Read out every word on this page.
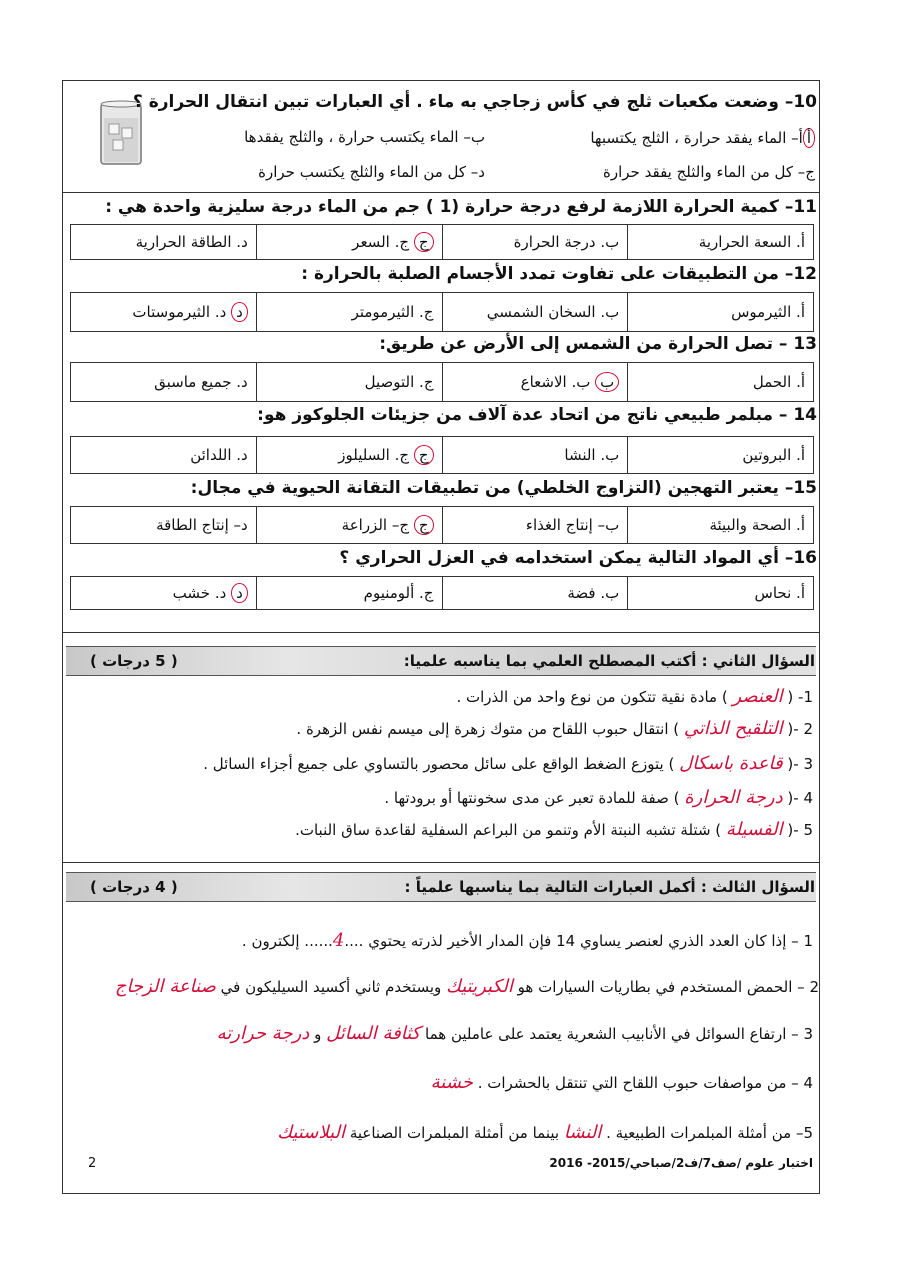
10– وضعت مكعبات ثلج في كأس زجاجي به ماء . أي العبارات تبين انتقال الحرارة ؟
أأ– الماء يفقد حرارة ، الثلج يكتسبها
ب– الماء يكتسب حرارة ، والثلج يفقدها
ج– كل من الماء والثلج يفقد حرارة
د– كل من الماء والثلج يكتسب حرارة
11– كمية الحرارة اللازمة لرفع درجة حرارة (1 ) جم من الماء درجة سليزية واحدة هي :
أ. السعة الحرارية
ب. درجة الحرارة
ج

ج. السعر
د. الطاقة الحرارية
12– من التطبيقات على تفاوت تمدد الأجسام الصلبة بالحرارة :
أ. الثيرموس
ب. السخان الشمسي
ج. الثيرمومتر
د

د. الثيرموستات
13 – تصل الحرارة من الشمس إلى الأرض عن طريق:
أ. الحمل
ب

ب. الاشعاع
ج. التوصيل
د. جميع ماسبق
14 – مبلمر طبيعي ناتج من اتحاد عدة آلاف من جزيئات الجلوكوز هو:
أ. البروتين
ب. النشا
ج

ج. السليلوز
د. اللدائن
15– يعتبر التهجين (التزاوج الخلطي) من تطبيقات التقانة الحيوية في مجال:
أ. الصحة والبيئة
ب– إنتاج الغذاء
ج

ج– الزراعة
د– إنتاج الطاقة
16– أي المواد التالية يمكن استخدامه في العزل الحراري ؟
أ. نحاس
ب. فضة
ج. ألومنيوم
د

د. خشب
السؤال الثاني : أكتب المصطلح العلمي بما يناسبه علميا:
( 5 درجات )
1- ( العنصر ) مادة نقية تتكون من نوع واحد من الذرات .
2 -( التلقيح الذاتي ) انتقال حبوب اللقاح من متوك زهرة إلى ميسم نفس الزهرة .
3 -( قاعدة باسكال ) يتوزع الضغط الواقع على سائل محصور بالتساوي على جميع أجزاء السائل .
4 -( درجة الحرارة ) صفة للمادة تعبر عن مدى سخونتها أو برودتها .
5 -( الفسيلة ) شتلة تشبه النبتة الأم وتنمو من البراعم السفلية لقاعدة ساق النبات.
السؤال الثالث : أكمل العبارات التالية بما يناسبها علمياً :
( 4 درجات )
1 – إذا كان العدد الذري لعنصر يساوي 14 فإن المدار الأخير لذرته يحتوي ....4...... إلكترون .
2 – الحمض المستخدم في بطاريات السيارات هو الكبريتيك ويستخدم ثاني أكسيد السيليكون في صناعة الزجاج
3 – ارتفاع السوائل في الأنابيب الشعرية يعتمد على عاملين هما كثافة السائل و درجة حرارته
4 – من مواصفات حبوب اللقاح التي تنتقل بالحشرات . خشنة
5– من أمثلة المبلمرات الطبيعية . النشا بينما من أمثلة المبلمرات الصناعية البلاستيك
اختبار علوم /صف7/ف2/صباحي/2015- 2016
2
